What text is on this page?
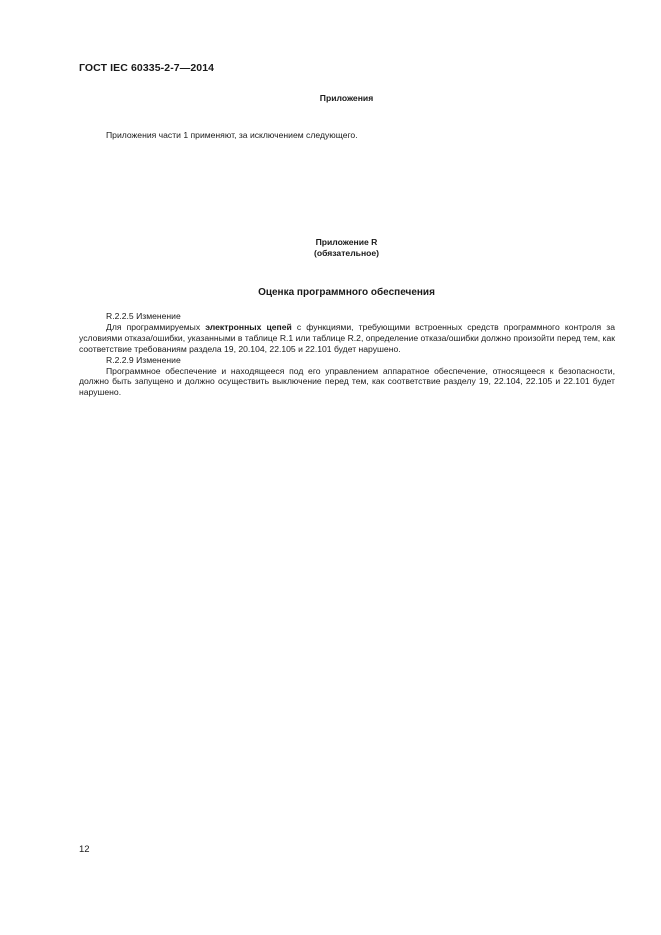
ГОСТ IEC 60335-2-7—2014
Приложения
Приложения части 1 применяют, за исключением следующего.
Приложение R
(обязательное)
Оценка программного обеспечения

R.2.2.5 Изменение

Для программируемых электронных цепей с функциями, требующими встроенных средств программного контроля за условиями отказа/ошибки, указанными в таблице R.1 или таблице R.2, определение отказа/ошибки должно произойти перед тем, как соответствие требованиям раздела 19, 20.104, 22.105 и 22.101 будет нарушено.

R.2.2.9 Изменение

Программное обеспечение и находящееся под его управлением аппаратное обеспечение, относящееся к безопасности, должно быть запущено и должно осуществить выключение перед тем, как соответствие разделу 19, 22.104, 22.105 и 22.101 будет нарушено.

12
